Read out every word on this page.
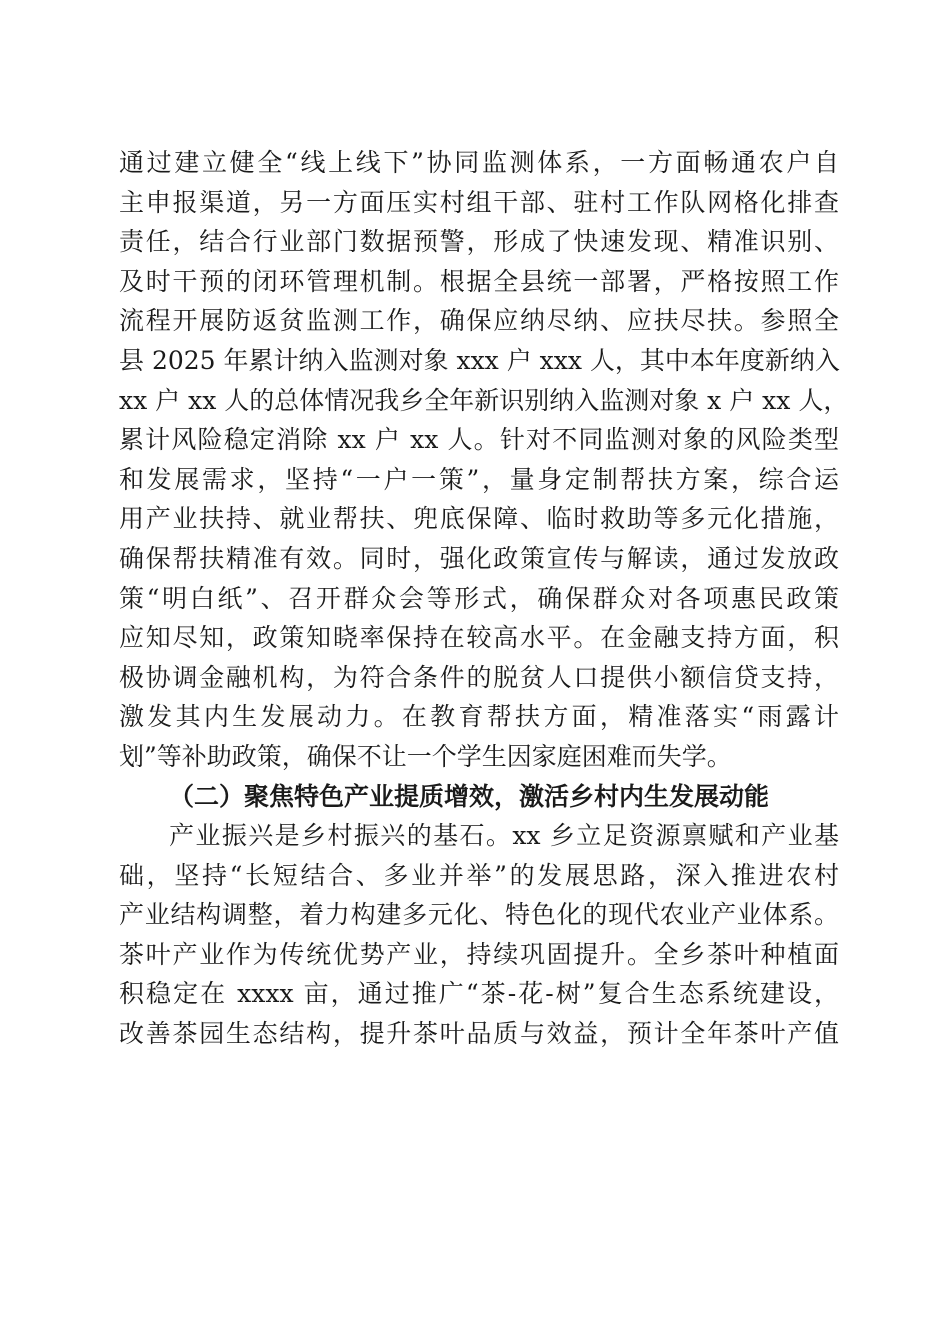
通过建立健全“线上线下”协同监测体系，一方面畅通农户自
主申报渠道，另一方面压实村组干部、驻村工作队网格化排查
责任，结合行业部门数据预警，形成了快速发现、精准识别、
及时干预的闭环管理机制。根据全县统一部署，严格按照工作
流程开展防返贫监测工作，确保应纳尽纳、应扶尽扶。参照全
县 2025 年累计纳入监测对象 xxx 户 xxx 人，其中本年度新纳入
xx 户 xx 人的总体情况我乡全年新识别纳入监测对象 x 户 xx 人，
累计风险稳定消除 xx 户 xx 人。针对不同监测对象的风险类型
和发展需求，坚持“一户一策”，量身定制帮扶方案，综合运
用产业扶持、就业帮扶、兜底保障、临时救助等多元化措施，
确保帮扶精准有效。同时，强化政策宣传与解读，通过发放政
策“明白纸”、召开群众会等形式，确保群众对各项惠民政策
应知尽知，政策知晓率保持在较高水平。在金融支持方面，积
极协调金融机构，为符合条件的脱贫人口提供小额信贷支持，
激发其内生发展动力。在教育帮扶方面，精准落实“雨露计
划”等补助政策，确保不让一个学生因家庭困难而失学。
（二）聚焦特色产业提质增效，激活乡村内生发展动能
产业振兴是乡村振兴的基石。xx 乡立足资源禀赋和产业基
础，坚持“长短结合、多业并举”的发展思路，深入推进农村
产业结构调整，着力构建多元化、特色化的现代农业产业体系。
茶叶产业作为传统优势产业，持续巩固提升。全乡茶叶种植面
积稳定在 xxxx 亩，通过推广“茶-花-树”复合生态系统建设，
改善茶园生态结构，提升茶叶品质与效益，预计全年茶叶产值
